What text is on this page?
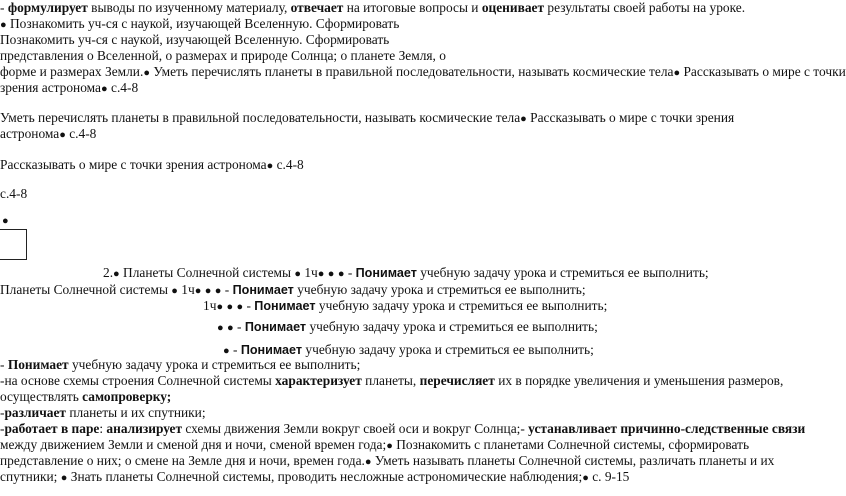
- формулирует выводы по изученному материалу, отвечает на итоговые вопросы и оценивает результаты своей работы на уроке.
● Познакомить уч-ся с наукой, изучающей Вселенную. Сформировать
Познакомить уч-ся с наукой, изучающей Вселенную. Сформировать
представления о Вселенной, о размерах и природе Солнца; о планете Земля, о
форме и размерах Земли.● Уметь перечислять планеты в правильной последовательности, называть космические тела● Рассказывать о мире с точки
зрения астронома● с.4-8
Уметь перечислять планеты в правильной последовательности, называть космические тела● Рассказывать о мире с точки зрения
астронома● с.4-8
Рассказывать о мире с точки зрения астронома● с.4-8
с.4-8
●
2.● Планеты Солнечной системы ● 1ч● ● ● - Понимает учебную задачу урока и стремиться ее выполнить;
Планеты Солнечной системы ● 1ч● ● ● - Понимает учебную задачу урока и стремиться ее выполнить;
1ч● ● ● - Понимает учебную задачу урока и стремиться ее выполнить;
● ● - Понимает учебную задачу урока и стремиться ее выполнить;
● - Понимает учебную задачу урока и стремиться ее выполнить;
- Понимает учебную задачу урока и стремиться ее выполнить;
-на основе схемы строения Солнечной системы характеризует планеты, перечисляет их в порядке увеличения и уменьшения размеров,
осуществлять самопроверку;
-различает планеты и их спутники;
-работает в паре: анализирует схемы движения Земли вокруг своей оси и вокруг Солнца;- устанавливает причинно-следственные связи
между движением Земли и сменой дня и ночи, сменой времен года;● Познакомить с планетами Солнечной системы, сформировать
представление о них; о смене на Земле дня и ночи, времен года.● Уметь называть планеты Солнечной системы, различать планеты и их
спутники; ● Знать планеты Солнечной системы, проводить несложные астрономические наблюдения;● с. 9-15
